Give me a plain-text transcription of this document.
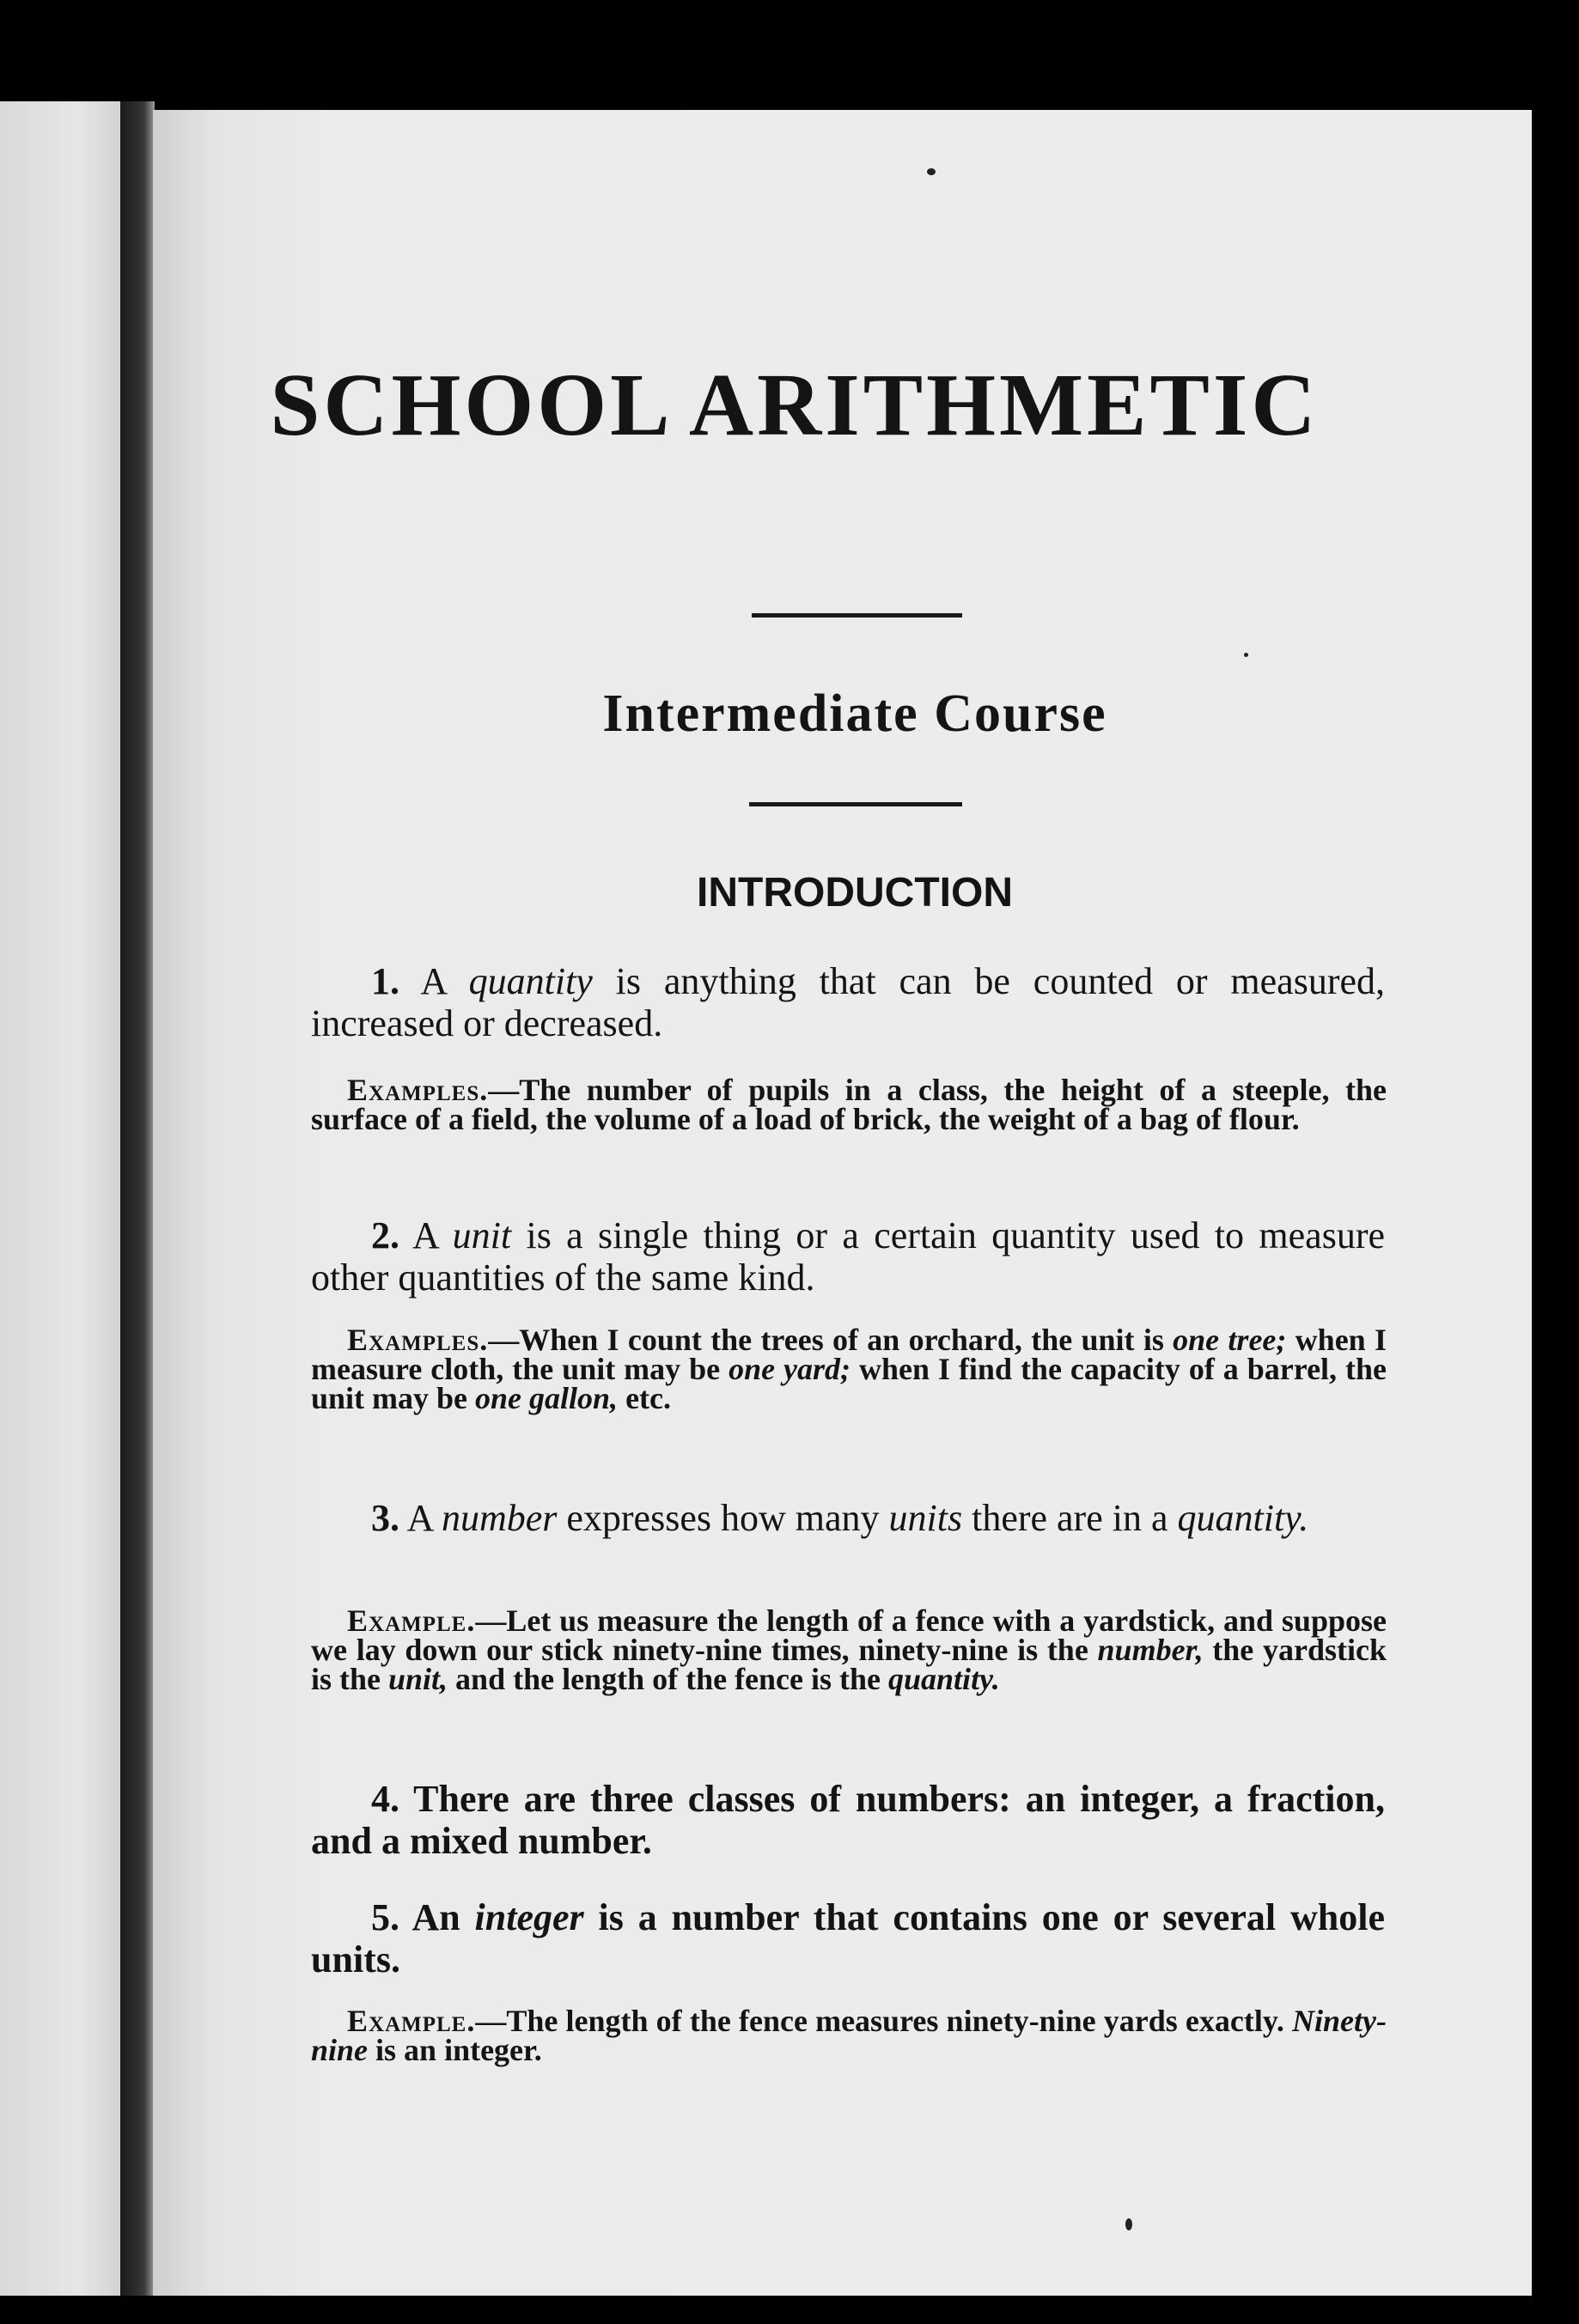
SCHOOL ARITHMETIC
Intermediate Course
INTRODUCTION
1. A quantity is anything that can be counted or measured, increased or decreased.
Examples.—The number of pupils in a class, the height of a steeple, the surface of a field, the volume of a load of brick, the weight of a bag of flour.
2. A unit is a single thing or a certain quantity used to measure other quantities of the same kind.
Examples.—When I count the trees of an orchard, the unit is one tree; when I measure cloth, the unit may be one yard; when I find the capacity of a barrel, the unit may be one gallon, etc.
3. A number expresses how many units there are in a quantity.
Example.—Let us measure the length of a fence with a yardstick, and suppose we lay down our stick ninety-nine times, ninety-nine is the number, the yardstick is the unit, and the length of the fence is the quantity.
4. There are three classes of numbers: an integer, a fraction, and a mixed number.
5. An integer is a number that contains one or several whole units.
Example.—The length of the fence measures ninety-nine yards exactly. Ninety-nine is an integer.
